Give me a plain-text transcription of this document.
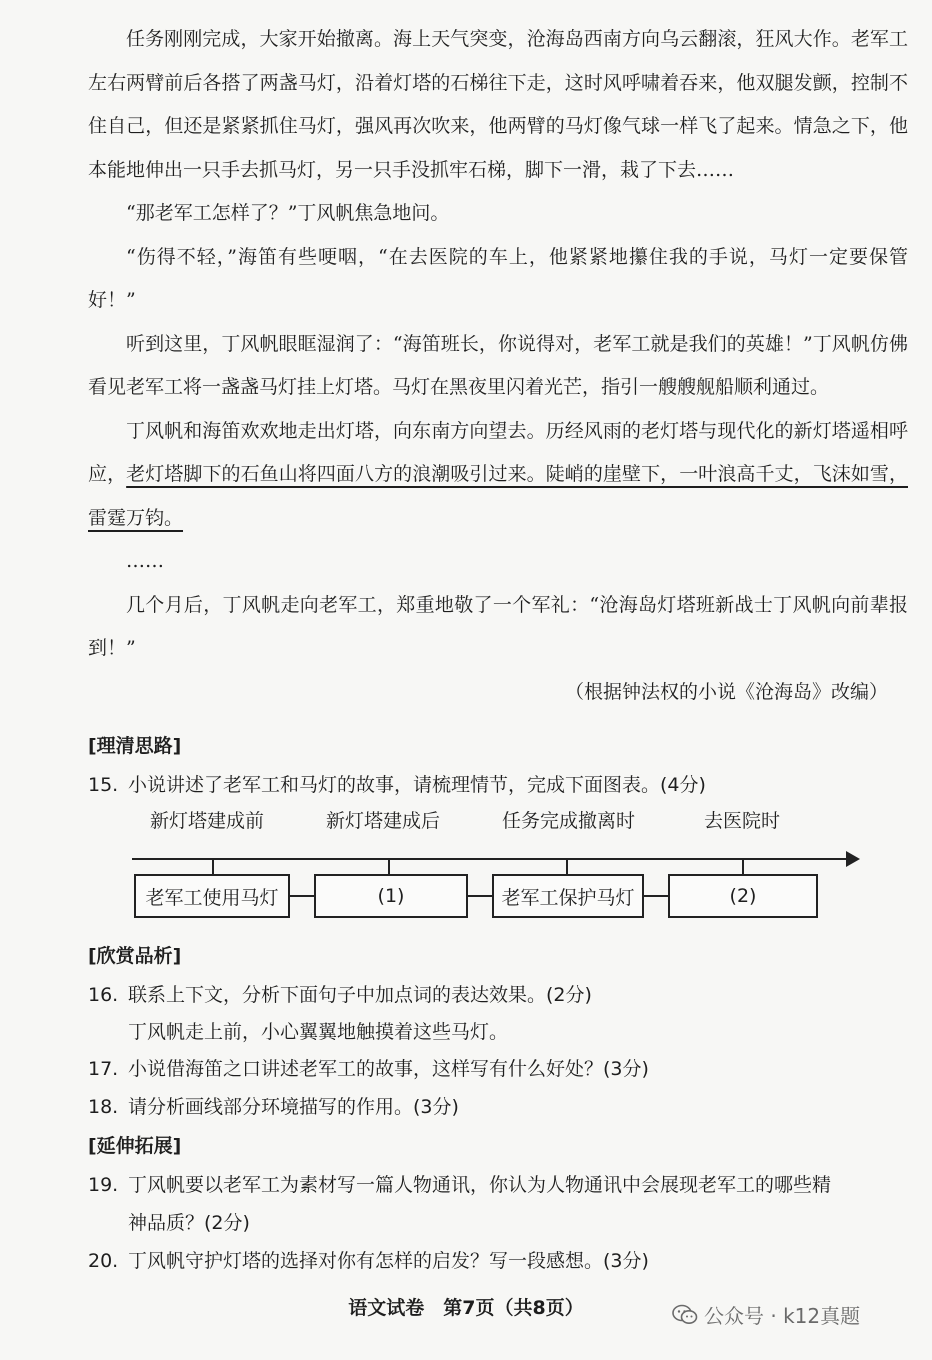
任务刚刚完成，大家开始撤离。海上天气突变，沧海岛西南方向乌云翻滚，狂风大作。老军工左右两臂前后各搭了两盏马灯，沿着灯塔的石梯往下走，这时风呼啸着吞来，他双腿发颤，控制不住自己，但还是紧紧抓住马灯，强风再次吹来，他两臂的马灯像气球一样飞了起来。情急之下，他本能地伸出一只手去抓马灯，另一只手没抓牢石梯，脚下一滑，栽了下去……

“那老军工怎样了？”丁风帆焦急地问。

“伤得不轻，”海笛有些哽咽，“在去医院的车上，他紧紧地攥住我的手说，马灯一定要保管好！”

听到这里，丁风帆眼眶湿润了：“海笛班长，你说得对，老军工就是我们的英雄！”丁风帆仿佛看见老军工将一盏盏马灯挂上灯塔。马灯在黑夜里闪着光芒，指引一艘艘舰船顺利通过。

丁风帆和海笛欢欢地走出灯塔，向东南方向望去。历经风雨的老灯塔与现代化的新灯塔遥相呼应，老灯塔脚下的石鱼山将四面八方的浪潮吸引过来。陡峭的崖壁下，一叶浪高千丈，飞沫如雪，雷霆万钧。

……

几个月后，丁风帆走向老军工，郑重地敬了一个军礼：“沧海岛灯塔班新战士丁风帆向前辈报到！”

（根据钟法权的小说《沧海岛》改编）

[理清思路]
15. 小说讲述了老军工和马灯的故事，请梳理情节，完成下面图表。(4分)
新灯塔建成前	新灯塔建成后	任务完成撤离时	去医院时
老军工使用马灯	(1)	老军工保护马灯	(2)
[欣赏品析]
16. 联系上下文，分析下面句子中加点词的表达效果。(2分)
丁风帆走上前，小心翼翼地触摸着这些马灯。
17. 小说借海笛之口讲述老军工的故事，这样写有什么好处？(3分)
18. 请分析画线部分环境描写的作用。(3分)
[延伸拓展]
19. 丁风帆要以老军工为素材写一篇人物通讯，你认为人物通讯中会展现老军工的哪些精
神品质？(2分)
20. 丁风帆守护灯塔的选择对你有怎样的启发？写一段感想。(3分)
语文试卷　第7页（共8页）	公众号 · k12真题
